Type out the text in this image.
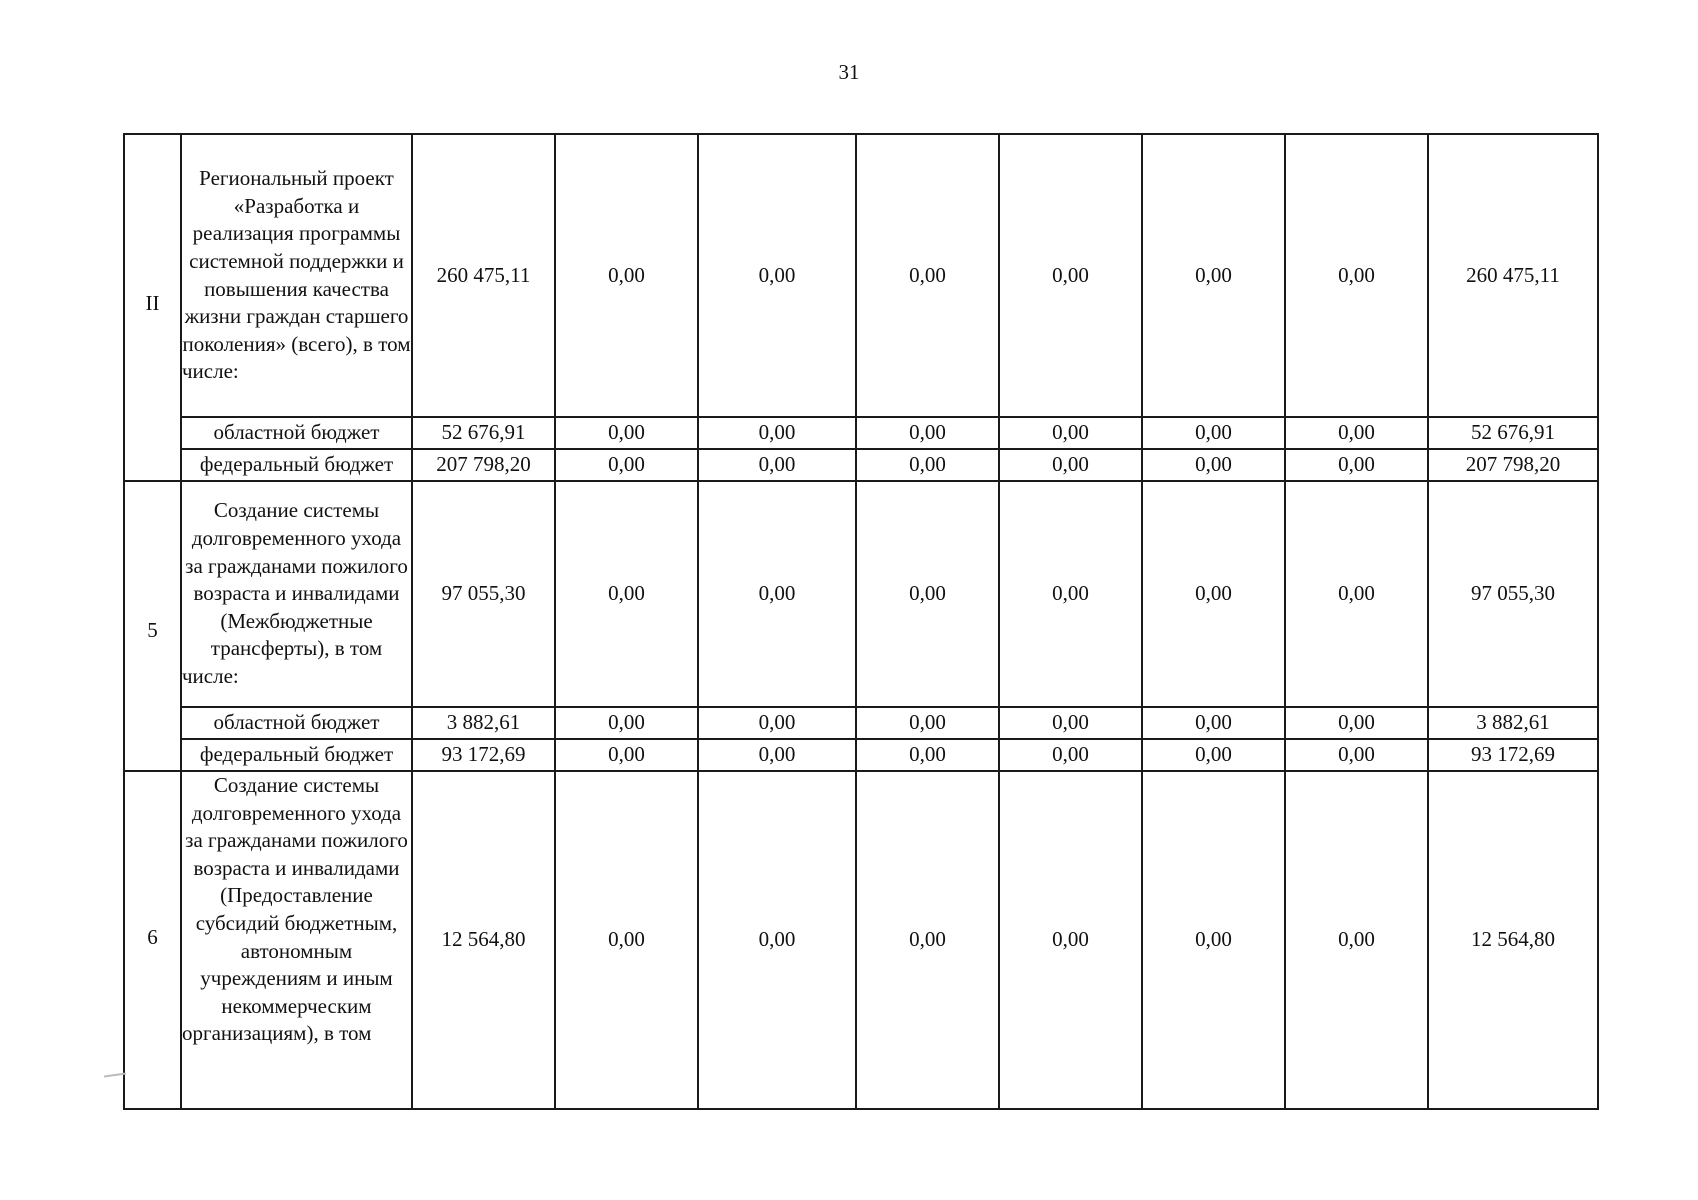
31
II	Региональный проект «Разработка и реализация программы системной поддержки и повышения качества жизни граждан старшего поколения» (всего), в том числе:	260 475,11	0,00	0,00	0,00	0,00	0,00	0,00	260 475,11
	областной бюджет	52 676,91	0,00	0,00	0,00	0,00	0,00	0,00	52 676,91
	федеральный бюджет	207 798,20	0,00	0,00	0,00	0,00	0,00	0,00	207 798,20
5	Создание системы долговременного ухода за гражданами пожилого возраста и инвалидами (Межбюджетные трансферты), в том числе:	97 055,30	0,00	0,00	0,00	0,00	0,00	0,00	97 055,30
	областной бюджет	3 882,61	0,00	0,00	0,00	0,00	0,00	0,00	3 882,61
	федеральный бюджет	93 172,69	0,00	0,00	0,00	0,00	0,00	0,00	93 172,69
6	Создание системы долговременного ухода за гражданами пожилого возраста и инвалидами (Предоставление субсидий бюджетным, автономным учреждениям и иным некоммерческим организациям), в том	12 564,80	0,00	0,00	0,00	0,00	0,00	0,00	12 564,80
